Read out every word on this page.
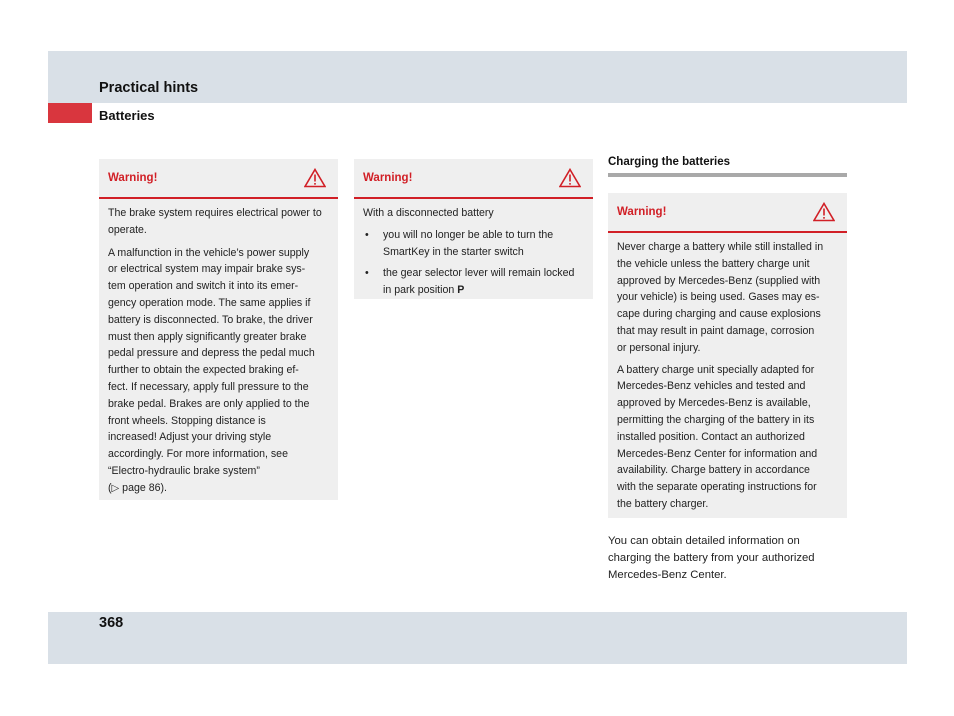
Practical hints
Batteries
Warning!

The brake system requires electrical power to operate.

A malfunction in the vehicle’s power supply
or electrical system may impair brake sys-
tem operation and switch it into its emer-
gency operation mode. The same applies if
battery is disconnected. To brake, the driver
must then apply significantly greater brake
pedal pressure and depress the pedal much
further to obtain the expected braking ef-
fect. If necessary, apply full pressure to the
brake pedal. Brakes are only applied to the
front wheels. Stopping distance is
increased! Adjust your driving style
accordingly. For more information, see
“Electro-hydraulic brake system”
(▷ page 86).

Warning!

With a disconnected battery

• you will no longer be able to turn the SmartKey in the starter switch
• the gear selector lever will remain locked in park position P
Charging the batteries
Warning!

Never charge a battery while still installed in
the vehicle unless the battery charge unit
approved by Mercedes-Benz (supplied with
your vehicle) is being used. Gases may es-
cape during charging and cause explosions
that may result in paint damage, corrosion
or personal injury.

A battery charge unit specially adapted for
Mercedes-Benz vehicles and tested and
approved by Mercedes-Benz is available,
permitting the charging of the battery in its
installed position. Contact an authorized
Mercedes-Benz Center for information and
availability. Charge battery in accordance
with the separate operating instructions for
the battery charger.

You can obtain detailed information on
charging the battery from your authorized
Mercedes-Benz Center.
368
